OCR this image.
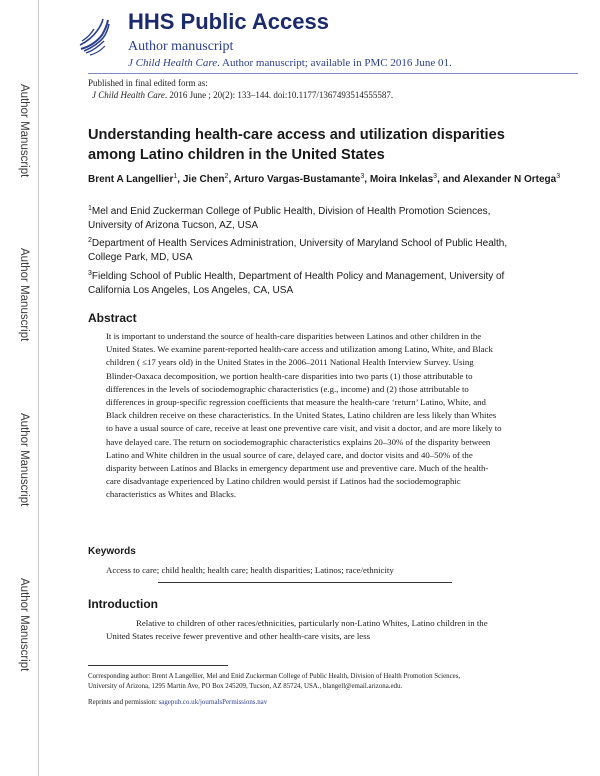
Author Manuscript
Author Manuscript
Author Manuscript
Author Manuscript
HHS Public Access
Author manuscript
J Child Health Care. Author manuscript; available in PMC 2016 June 01.
Published in final edited form as:
J Child Health Care. 2016 June ; 20(2): 133–144. doi:10.1177/1367493514555587.
Understanding health-care access and utilization disparities among Latino children in the United States
Brent A Langellier$^1$, Jie Chen$^2$, Arturo Vargas-Bustamante$^3$, Moira Inkelas$^3$, and Alexander N Ortega$^3$
$^1$Mel and Enid Zuckerman College of Public Health, Division of Health Promotion Sciences, University of Arizona Tucson, AZ, USA
$^2$Department of Health Services Administration, University of Maryland School of Public Health, College Park, MD, USA
$^3$Fielding School of Public Health, Department of Health Policy and Management, University of California Los Angeles, Los Angeles, CA, USA
Abstract

It is important to understand the source of health-care disparities between Latinos and other children in the United States. We examine parent-reported health-care access and utilization among Latino, White, and Black children ( ≤17 years old) in the United States in the 2006–2011 National Health Interview Survey. Using Blinder-Oaxaca decomposition, we portion health-care disparities into two parts (1) those attributable to differences in the levels of sociodemographic characteristics (e.g., income) and (2) those attributable to differences in group-specific regression coefficients that measure the health-care ‘return’ Latino, White, and Black children receive on these characteristics. In the United States, Latino children are less likely than Whites to have a usual source of care, receive at least one preventive care visit, and visit a doctor, and are more likely to have delayed care. The return on sociodemographic characteristics explains 20–30% of the disparity between Latino and White children in the usual source of care, delayed care, and doctor visits and 40–50% of the disparity between Latinos and Blacks in emergency department use and preventive care. Much of the health-care disadvantage experienced by Latino children would persist if Latinos had the sociodemographic characteristics as Whites and Blacks.

Keywords
Access to care; child health; health care; health disparities; Latinos; race/ethnicity
Introduction

Relative to children of other races/ethnicities, particularly non-Latino Whites, Latino children in the United States receive fewer preventive and other health-care visits, are less

Corresponding author: Brent A Langellier, Mel and Enid Zuckerman College of Public Health, Division of Health Promotion Sciences, University of Arizona, 1295 Martin Ave, PO Box 245209, Tucson, AZ 85724, USA., blangell@email.arizona.edu.
Reprints and permission: sagepub.co.uk/journalsPermissions.nav
